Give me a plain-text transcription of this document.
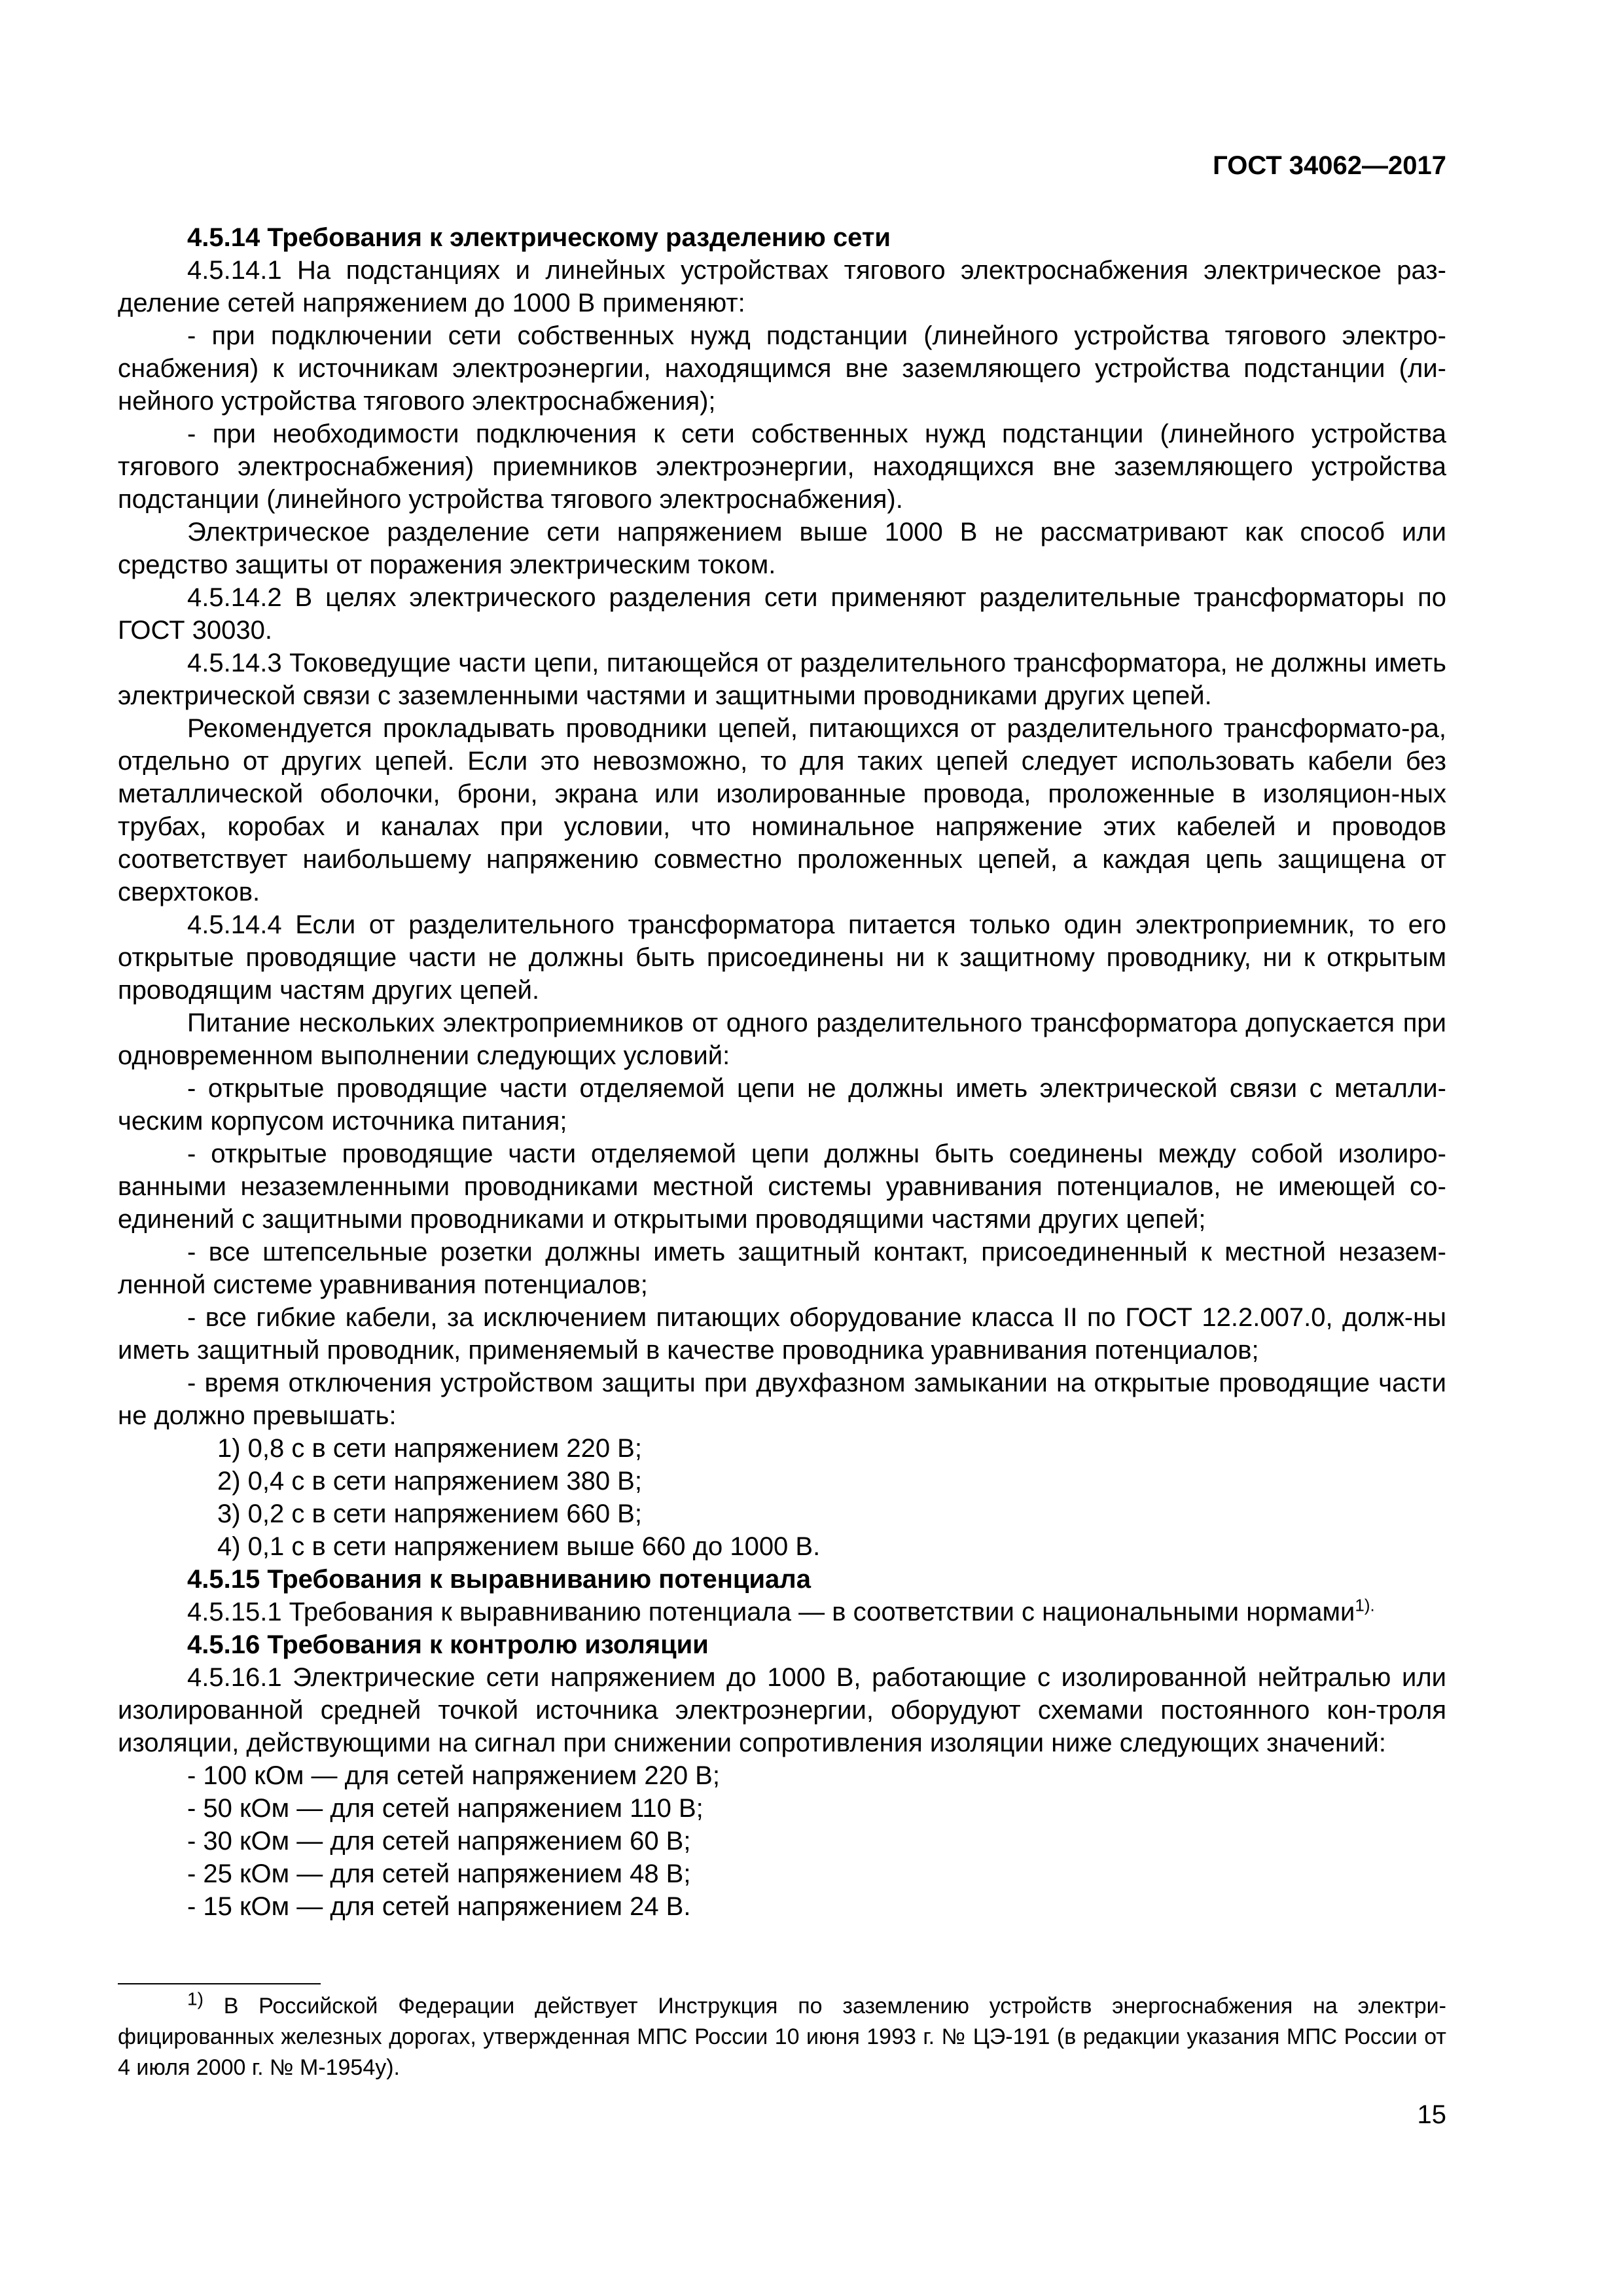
ГОСТ 34062—2017

4.5.14 Требования к электрическому разделению сети

4.5.14.1 На подстанциях и линейных устройствах тягового электроснабжения электрическое раз-деление сетей напряжением до 1000 В применяют:

- при подключении сети собственных нужд подстанции (линейного устройства тягового электро-снабжения) к источникам электроэнергии, находящимся вне заземляющего устройства подстанции (ли-нейного устройства тягового электроснабжения);

- при необходимости подключения к сети собственных нужд подстанции (линейного устройства тягового электроснабжения) приемников электроэнергии, находящихся вне заземляющего устройства подстанции (линейного устройства тягового электроснабжения).

Электрическое разделение сети напряжением выше 1000 В не рассматривают как способ или средство защиты от поражения электрическим током.

4.5.14.2 В целях электрического разделения сети применяют разделительные трансформаторы по ГОСТ 30030.

4.5.14.3 Токоведущие части цепи, питающейся от разделительного трансформатора, не должны иметь электрической связи с заземленными частями и защитными проводниками других цепей.

Рекомендуется прокладывать проводники цепей, питающихся от разделительного трансформато-ра, отдельно от других цепей. Если это невозможно, то для таких цепей следует использовать кабели без металлической оболочки, брони, экрана или изолированные провода, проложенные в изоляцион-ных трубах, коробах и каналах при условии, что номинальное напряжение этих кабелей и проводов соответствует наибольшему напряжению совместно проложенных цепей, а каждая цепь защищена от сверхтоков.

4.5.14.4 Если от разделительного трансформатора питается только один электроприемник, то его открытые проводящие части не должны быть присоединены ни к защитному проводнику, ни к открытым проводящим частям других цепей.

Питание нескольких электроприемников от одного разделительного трансформатора допускается при одновременном выполнении следующих условий:

- открытые проводящие части отделяемой цепи не должны иметь электрической связи с металли-ческим корпусом источника питания;

- открытые проводящие части отделяемой цепи должны быть соединены между собой изолиро-ванными незаземленными проводниками местной системы уравнивания потенциалов, не имеющей со-единений с защитными проводниками и открытыми проводящими частями других цепей;

- все штепсельные розетки должны иметь защитный контакт, присоединенный к местной незазем-ленной системе уравнивания потенциалов;

- все гибкие кабели, за исключением питающих оборудование класса II по ГОСТ 12.2.007.0, долж-ны иметь защитный проводник, применяемый в качестве проводника уравнивания потенциалов;

- время отключения устройством защиты при двухфазном замыкании на открытые проводящие части не должно превышать:

1) 0,8 с в сети напряжением 220 В;

2) 0,4 с в сети напряжением 380 В;

3) 0,2 с в сети напряжением 660 В;

4) 0,1 с в сети напряжением выше 660 до 1000 В.

4.5.15 Требования к выравниванию потенциала

4.5.15.1 Требования к выравниванию потенциала — в соответствии с национальными нормами$^{1).}$

4.5.16 Требования к контролю изоляции

4.5.16.1 Электрические сети напряжением до 1000 В, работающие с изолированной нейтралью или изолированной средней точкой источника электроэнергии, оборудуют схемами постоянного кон-троля изоляции, действующими на сигнал при снижении сопротивления изоляции ниже следующих значений:

- 100 кОм — для сетей напряжением 220 В;

- 50 кОм — для сетей напряжением 110 В;

- 30 кОм — для сетей напряжением 60 В;

- 25 кОм — для сетей напряжением 48 В;

- 15 кОм — для сетей напряжением 24 В.

$^{1)}$ В Российской Федерации действует Инструкция по заземлению устройств энергоснабжения на электри-фицированных железных дорогах, утвержденная МПС России 10 июня 1993 г. № ЦЭ-191 (в редакции указания МПС России от 4 июля 2000 г. № М-1954у).

15
